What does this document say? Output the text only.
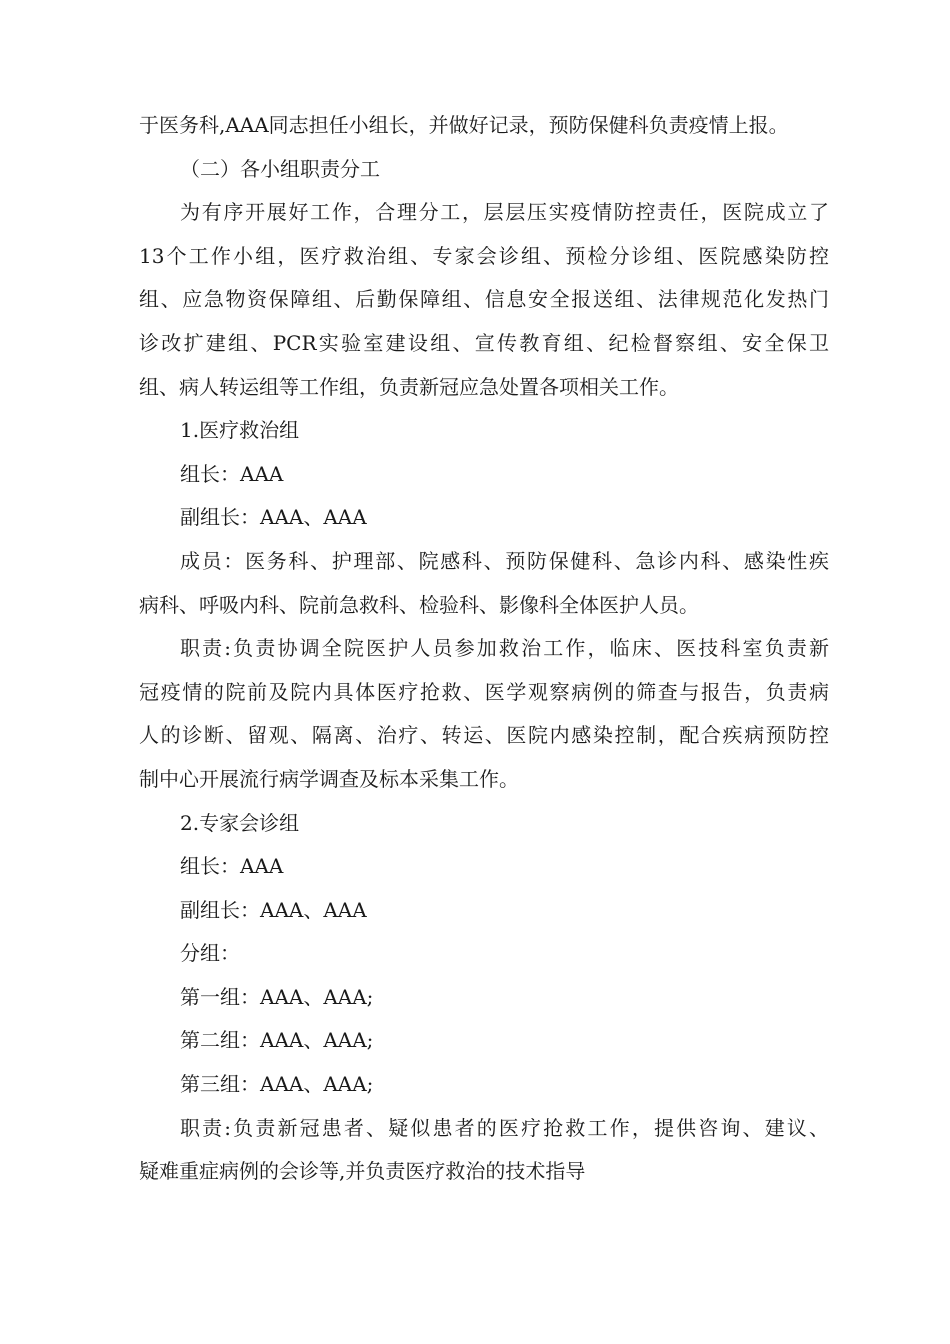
于医务科,AAA同志担任小组长，并做好记录，预防保健科负责疫情上报。

（二）各小组职责分工

为有序开展好工作，合理分工，层层压实疫情防控责任，医院成立了

13个工作小组，医疗救治组、专家会诊组、预检分诊组、医院感染防控

组、应急物资保障组、后勤保障组、信息安全报送组、法律规范化发热门

诊改扩建组、PCR实验室建设组、宣传教育组、纪检督察组、安全保卫

组、病人转运组等工作组，负责新冠应急处置各项相关工作。

1.医疗救治组

组长：AAA

副组长：AAA、AAA

成员：医务科、护理部、院感科、预防保健科、急诊内科、感染性疾

病科、呼吸内科、院前急救科、检验科、影像科全体医护人员。

职责:负责协调全院医护人员参加救治工作，临床、医技科室负责新

冠疫情的院前及院内具体医疗抢救、医学观察病例的筛查与报告，负责病

人的诊断、留观、隔离、治疗、转运、医院内感染控制，配合疾病预防控

制中心开展流行病学调查及标本采集工作。

2.专家会诊组

组长：AAA

副组长：AAA、AAA

分组：

第一组：AAA、AAA;

第二组：AAA、AAA;

第三组：AAA、AAA;

职责:负责新冠患者、疑似患者的医疗抢救工作，提供咨询、建议、

疑难重症病例的会诊等,并负责医疗救治的技术指导
